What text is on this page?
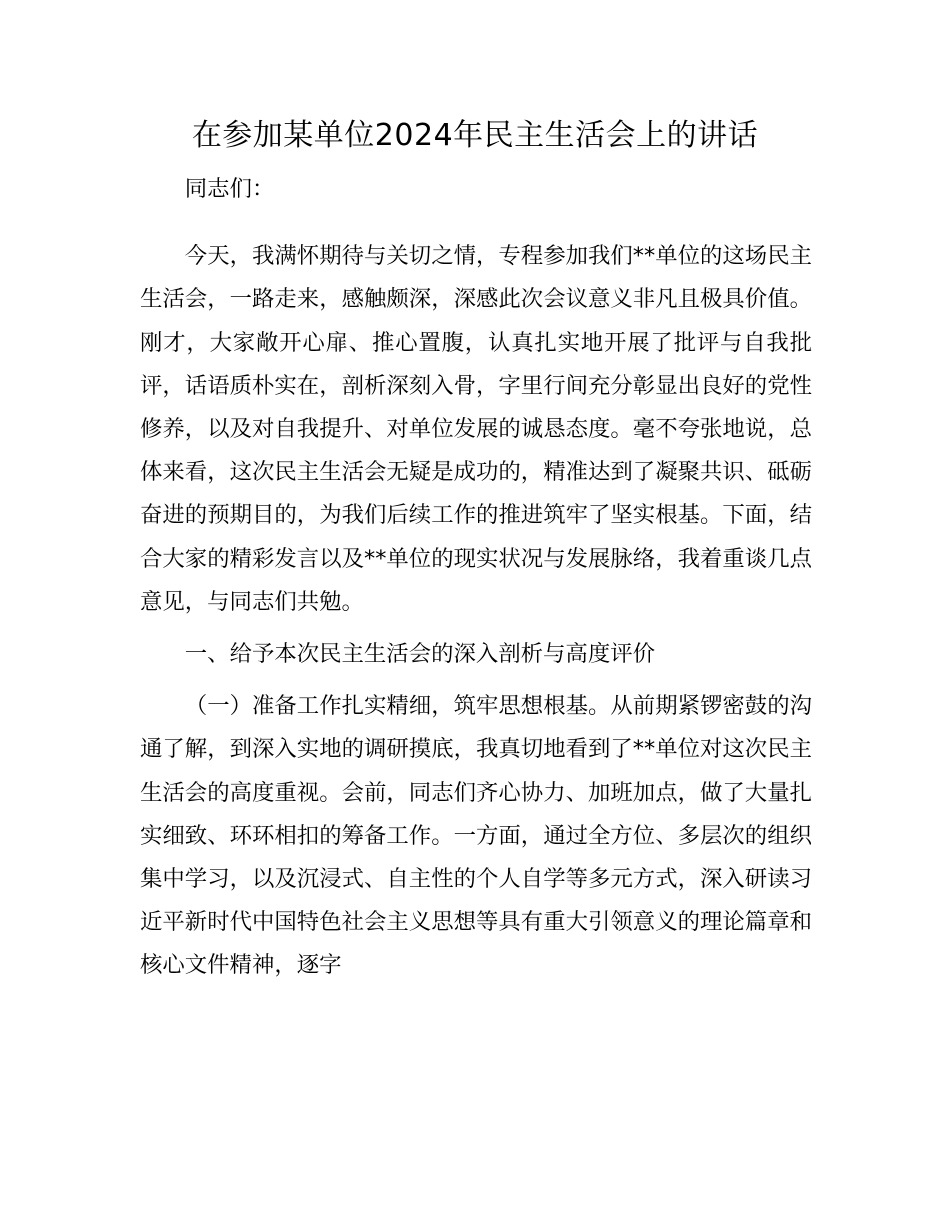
在参加某单位2024年民主生活会上的讲话

同志们：

今天，我满怀期待与关切之情，专程参加我们**单位的这场民主生活会，一路走来，感触颇深，深感此次会议意义非凡且极具价值。刚才，大家敞开心扉、推心置腹，认真扎实地开展了批评与自我批评，话语质朴实在，剖析深刻入骨，字里行间充分彰显出良好的党性修养，以及对自我提升、对单位发展的诚恳态度。毫不夸张地说，总体来看，这次民主生活会无疑是成功的，精准达到了凝聚共识、砥砺奋进的预期目的，为我们后续工作的推进筑牢了坚实根基。下面，结合大家的精彩发言以及**单位的现实状况与发展脉络，我着重谈几点意见，与同志们共勉。

一、给予本次民主生活会的深入剖析与高度评价

（一）准备工作扎实精细，筑牢思想根基。从前期紧锣密鼓的沟通了解，到深入实地的调研摸底，我真切地看到了**单位对这次民主生活会的高度重视。会前，同志们齐心协力、加班加点，做了大量扎实细致、环环相扣的筹备工作。一方面，通过全方位、多层次的组织集中学习，以及沉浸式、自主性的个人自学等多元方式，深入研读习近平新时代中国特色社会主义思想等具有重大引领意义的理论篇章和核心文件精神，逐字
